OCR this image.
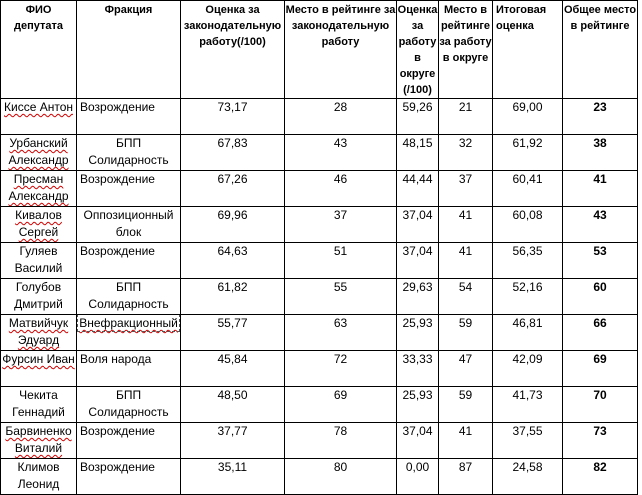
ФИО депутата	Фракция	Оценка за законодательную работу(/100)	Место в рейтинге за законодательную работу	Оценка за работу в округе (/100)	Место в рейтинге за работу в округе	Итоговая оценка	Общее место в рейтинге
Киссе Антон	Возрождение	73,17	28	59,26	21	69,00	23
Урбанский Александр	БПП Солидарность	67,83	43	48,15	32	61,92	38
Пресман Александр	Возрождение	67,26	46	44,44	37	60,41	41
Кивалов Сергей	Оппозиционный блок	69,96	37	37,04	41	60,08	43
Гуляев Василий	Возрождение	64,63	51	37,04	41	56,35	53
Голубов Дмитрий	БПП Солидарность	61,82	55	29,63	54	52,16	60
Матвийчук Эдуард	Внефракционный	55,77	63	25,93	59	46,81	66
Фурсин Иван	Воля народа	45,84	72	33,33	47	42,09	69
Чекита Геннадий	БПП Солидарность	48,50	69	25,93	59	41,73	70
Барвиненко Виталий	Возрождение	37,77	78	37,04	41	37,55	73
Климов Леонид	Возрождение	35,11	80	0,00	87	24,58	82
